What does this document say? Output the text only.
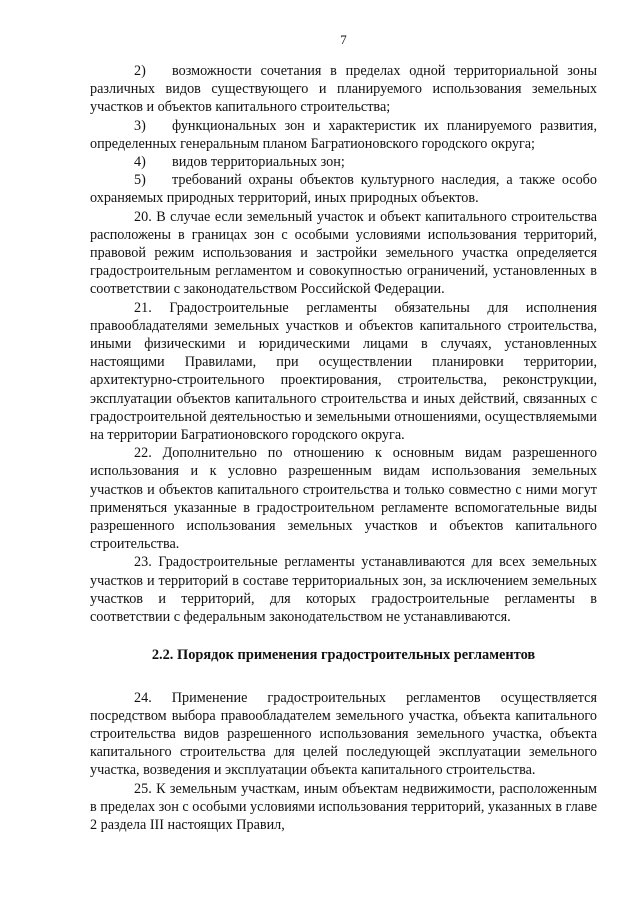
7

2) возможности сочетания в пределах одной территориальной зоны различных видов существующего и планируемого использования земельных участков и объектов капитального строительства;

3) функциональных зон и характеристик их планируемого развития, определенных генеральным планом Багратионовского городского округа;

4) видов территориальных зон;

5) требований охраны объектов культурного наследия, а также особо охраняемых природных территорий, иных природных объектов.

20. В случае если земельный участок и объект капитального строительства расположены в границах зон с особыми условиями использования территорий, правовой режим использования и застройки земельного участка определяется градостроительным регламентом и совокупностью ограничений, установленных в соответствии с законодательством Российской Федерации.

21. Градостроительные регламенты обязательны для исполнения правообладателями земельных участков и объектов капитального строительства, иными физическими и юридическими лицами в случаях, установленных настоящими Правилами, при осуществлении планировки территории, архитектурно-строительного проектирования, строительства, реконструкции, эксплуатации объектов капитального строительства и иных действий, связанных с градостроительной деятельностью и земельными отношениями, осуществляемыми на территории Багратионовского городского округа.

22. Дополнительно по отношению к основным видам разрешенного использования и к условно разрешенным видам использования земельных участков и объектов капитального строительства и только совместно с ними могут применяться указанные в градостроительном регламенте вспомогательные виды разрешенного использования земельных участков и объектов капитального строительства.

23. Градостроительные регламенты устанавливаются для всех земельных участков и территорий в составе территориальных зон, за исключением земельных участков и территорий, для которых градостроительные регламенты в соответствии с федеральным законодательством не устанавливаются.

2.2. Порядок применения градостроительных регламентов

24. Применение градостроительных регламентов осуществляется посредством выбора правообладателем земельного участка, объекта капитального строительства видов разрешенного использования земельного участка, объекта капитального строительства для целей последующей эксплуатации земельного участка, возведения и эксплуатации объекта капитального строительства.

25. К земельным участкам, иным объектам недвижимости, расположенным в пределах зон с особыми условиями использования территорий, указанных в главе 2 раздела III настоящих Правил,
